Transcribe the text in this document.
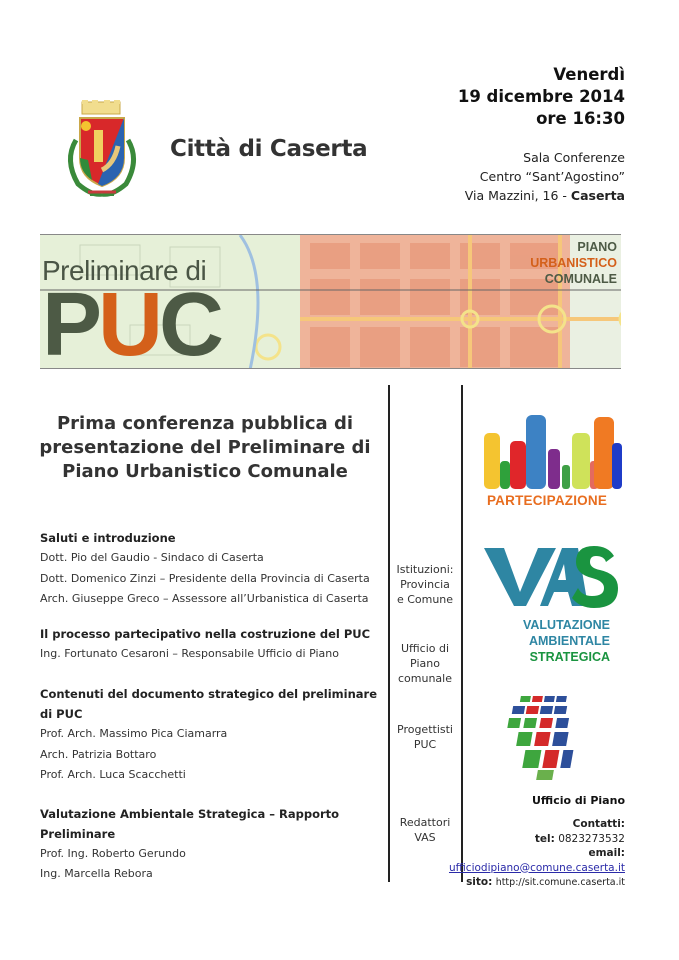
Città di Caserta
Venerdì
19 dicembre 2014
ore 16:30
Sala Conferenze
Centro “Sant’Agostino”
Via Mazzini, 16 - Caserta
Preliminare di
PUC
PIANO
URBANISTICO
COMUNALE
Prima conferenza pubblica di
presentazione del Preliminare di
Piano Urbanistico Comunale
Saluti e introduzione
Dott. Pio del Gaudio - Sindaco di Caserta
Dott. Domenico Zinzi – Presidente della Provincia di Caserta
Arch. Giuseppe Greco – Assessore all’Urbanistica di Caserta
Il processo partecipativo nella costruzione del PUC
Ing. Fortunato Cesaroni – Responsabile Ufficio di Piano
Contenuti del documento strategico del preliminare di PUC
Prof. Arch. Massimo Pica Ciamarra
Arch. Patrizia Bottaro
Prof. Arch. Luca Scacchetti
Valutazione Ambientale Strategica – Rapporto Preliminare
Prof. Ing. Roberto Gerundo
Ing. Marcella Rebora
Istituzioni:
Provincia
e Comune
Ufficio di
Piano
comunale
Progettisti
PUC
Redattori
VAS
PARTECIPAZIONE
VALUTAZIONE
AMBIENTALE
STRATEGICA
Ufficio di Piano
Contatti:
tel: 0823273532
email:
ufficiodipiano@comune.caserta.it
sito: http://sit.comune.caserta.it
